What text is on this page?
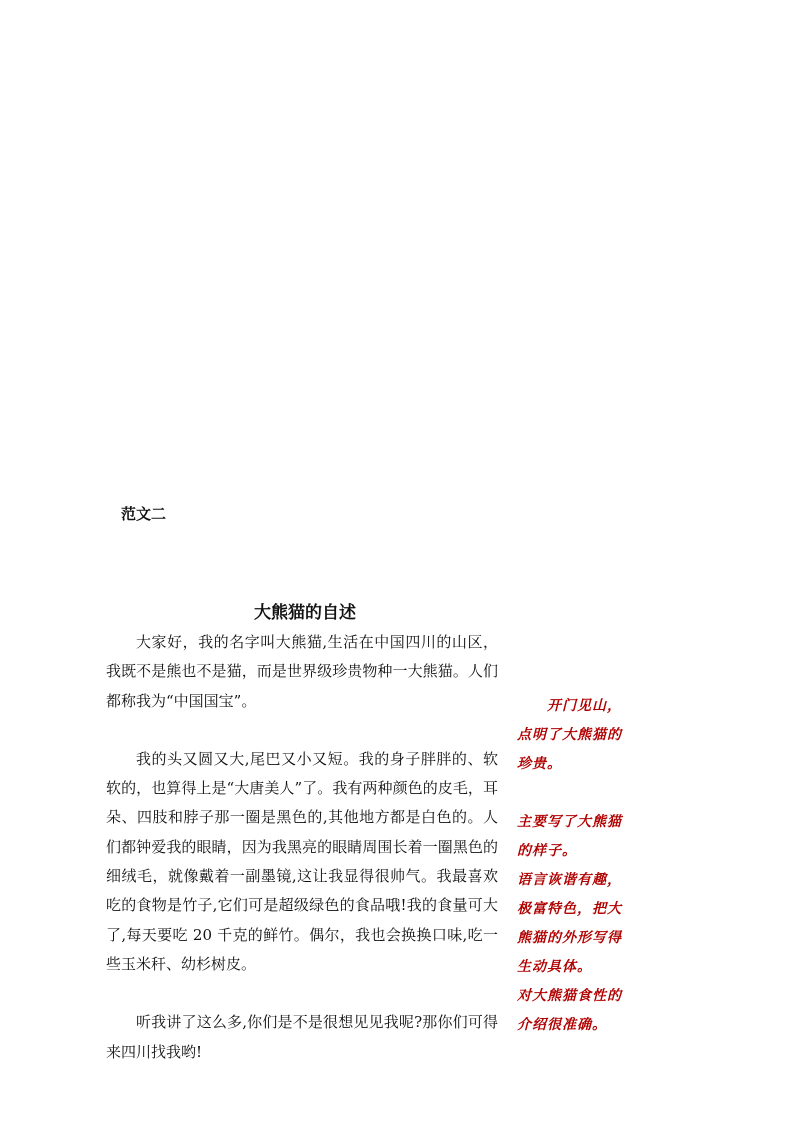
范文二
大熊猫的自述

大家好，我的名字叫大熊猫,生活在中国四川的山区，我既不是熊也不是猫，而是世界级珍贵物种一大熊猫。人们都称我为“中国国宝”。

我的头又圆又大,尾巴又小又短。我的身子胖胖的、软软的，也算得上是“大唐美人”了。我有两种颜色的皮毛，耳朵、四肢和脖子那一圈是黑色的,其他地方都是白色的。人们都钟爱我的眼睛，因为我黑亮的眼睛周围长着一圈黑色的细绒毛，就像戴着一副墨镜,这让我显得很帅气。我最喜欢吃的食物是竹子,它们可是超级绿色的食品哦!我的食量可大了,每天要吃 20 千克的鲜竹。偶尔，我也会换换口味,吃一些玉米秆、幼杉树皮。

听我讲了这么多,你们是不是很想见见我呢?那你们可得来四川找我哟!

开门见山，点明了大熊猫的珍贵。

主要写了大熊猫的样子。

语言诙谐有趣，极富特色，把大熊猫的外形写得生动具体。

对大熊猫食性的介绍很准确。
